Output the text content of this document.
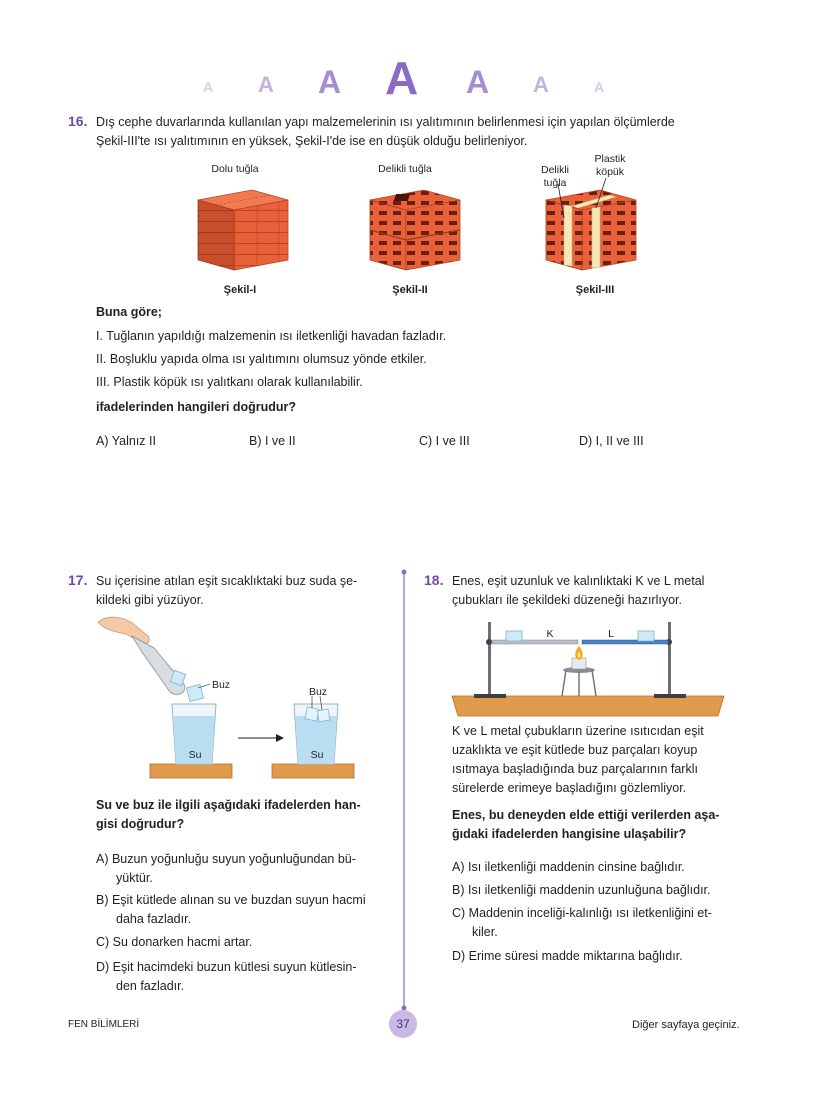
A A A A A A	A
16. Dış cephe duvarlarında kullanılan yapı malzemelerinin ısı yalıtımının belirlenmesi için yapılan ölçümlerde
Şekil-III'te ısı yalıtımının en yüksek, Şekil-I'de ise en düşük olduğu belirleniyor.
Dolu tuğla	Delikli tuğla	Delikli
tuğla
Plastik
köpük
Şekil-I	Şekil-II	Şekil-III
Buna göre;
I. Tuğlanın yapıldığı malzemenin ısı iletkenliği havadan fazladır.
II. Boşluklu yapıda olma ısı yalıtımını olumsuz yönde etkiler.
III. Plastik köpük ısı yalıtkanı olarak kullanılabilir.
ifadelerinden hangileri doğrudur?
A) Yalnız II	B) I ve II	C) I ve III	D) I, II ve III
17. Su içerisine atılan eşit sıcaklıktaki buz suda şe-
kildeki gibi yüzüyor.
Buz
Buz
Su	Su
Su ve buz ile ilgili aşağıdaki ifadelerden han-
gisi doğrudur?
A) Buzun yoğunluğu suyun yoğunluğundan bü-
yüktür.
B) Eşit kütlede alınan su ve buzdan suyun hacmi
daha fazladır.
C) Su donarken hacmi artar.
D) Eşit hacimdeki buzun kütlesi suyun kütlesin-
den fazladır.
18. Enes, eşit uzunluk ve kalınlıktaki K ve L metal
çubukları ile şekildeki düzeneği hazırlıyor.
K	L
K ve L metal çubukların üzerine ısıtıcıdan eşit
uzaklıkta ve eşit kütlede buz parçaları koyup
ısıtmaya başladığında buz parçalarının farklı
sürelerde erimeye başladığını gözlemliyor.
Enes, bu deneyden elde ettiği verilerden aşa-
ğıdaki ifadelerden hangisine ulaşabilir?
A) Isı iletkenliği maddenin cinsine bağlıdır.
B) Isı iletkenliği maddenin uzunluğuna bağlıdır.
C) Maddenin inceliği-kalınlığı ısı iletkenliğini et-
kiler.
D) Erime süresi madde miktarına bağlıdır.
FEN BİLİMLERİ	37	Diğer sayfaya geçiniz.
